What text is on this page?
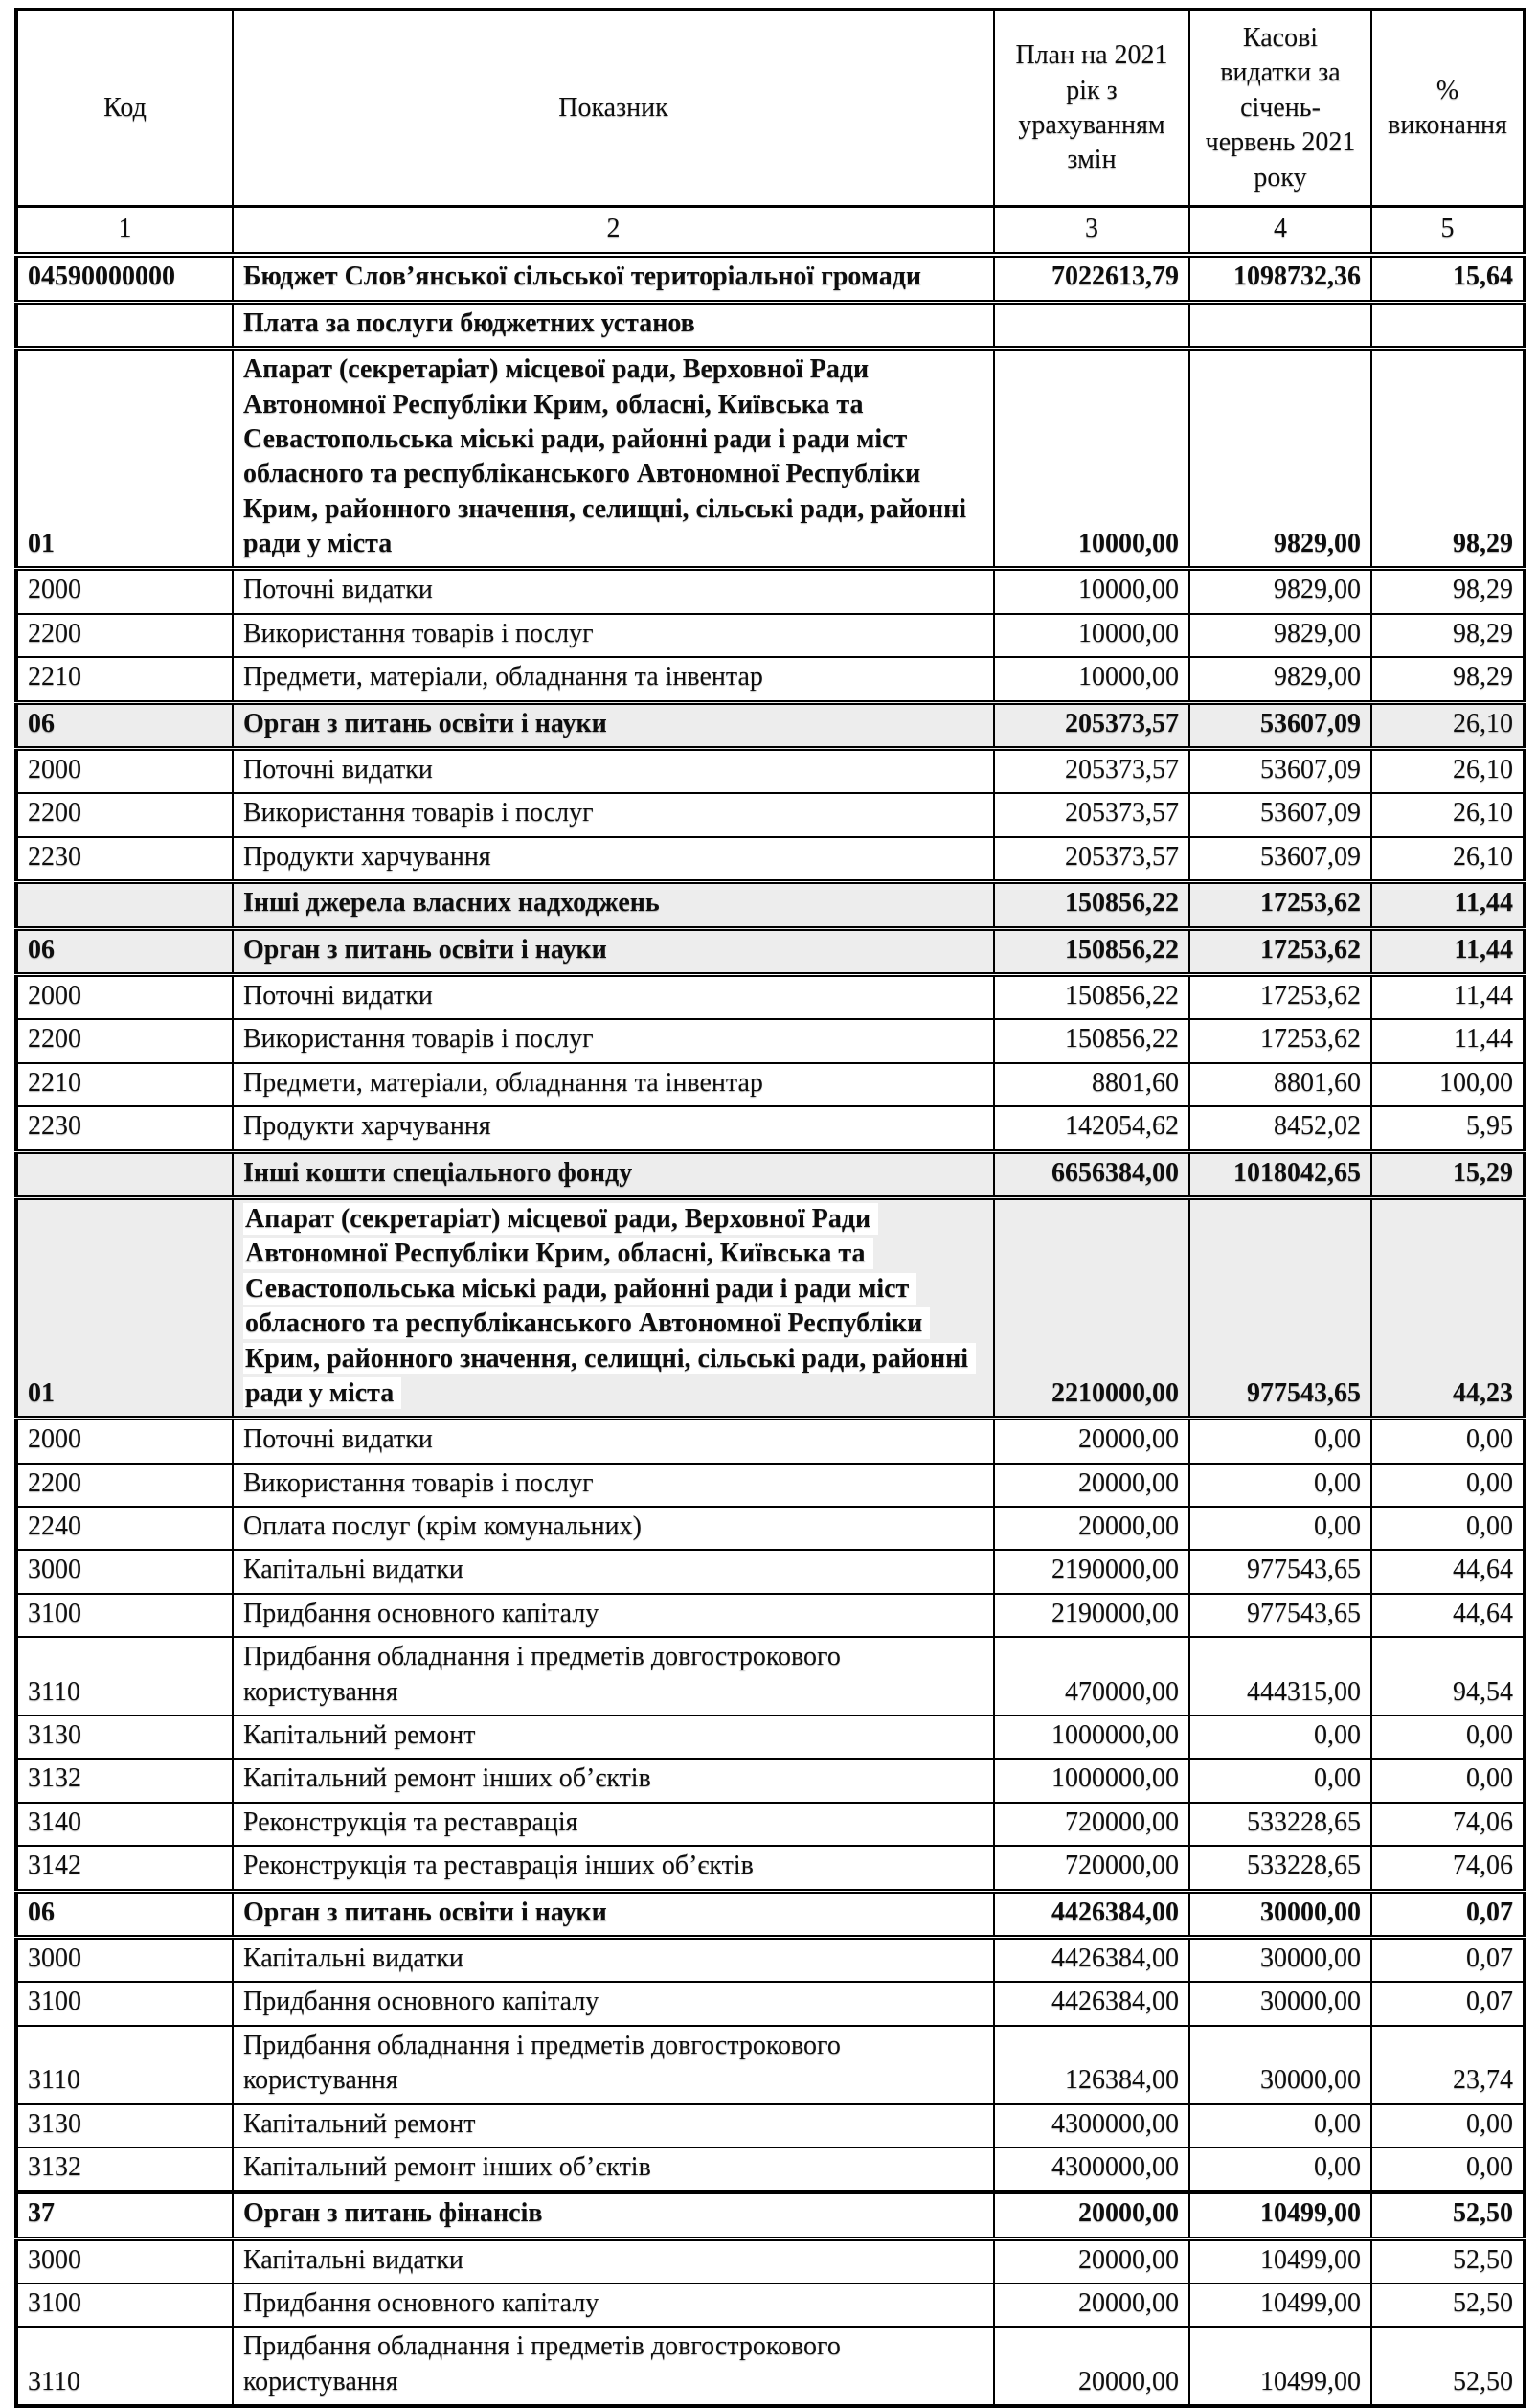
Код	Показник	План на 2021 рік з урахуванням змін	Касові видатки за січень-червень 2021 року	% виконання
1	2	3	4	5
04590000000	Бюджет Слов’янської сільської територіальної громади	7022613,79	1098732,36	15,64
	Плата за послуги бюджетних установ			
01	Апарат (секретаріат) місцевої ради, Верховної Ради Автономної Республіки Крим, обласні, Київська та Севастопольська міські ради, районні ради і ради міст обласного та республіканського Автономної Республіки Крим, районного значення, селищні, сільські ради, районні ради у міста	10000,00	9829,00	98,29
2000	Поточні видатки	10000,00	9829,00	98,29
2200	Використання товарів і послуг	10000,00	9829,00	98,29
2210	Предмети, матеріали, обладнання та інвентар	10000,00	9829,00	98,29
06	Орган з питань освіти і науки	205373,57	53607,09	26,10
2000	Поточні видатки	205373,57	53607,09	26,10
2200	Використання товарів і послуг	205373,57	53607,09	26,10
2230	Продукти харчування	205373,57	53607,09	26,10
	Інші джерела власних надходжень	150856,22	17253,62	11,44
06	Орган з питань освіти і науки	150856,22	17253,62	11,44
2000	Поточні видатки	150856,22	17253,62	11,44
2200	Використання товарів і послуг	150856,22	17253,62	11,44
2210	Предмети, матеріали, обладнання та інвентар	8801,60	8801,60	100,00
2230	Продукти харчування	142054,62	8452,02	5,95
	Інші кошти спеціального фонду	6656384,00	1018042,65	15,29
01	Апарат (секретаріат) місцевої ради, Верховної Ради Автономної Республіки Крим, обласні, Київська та Севастопольська міські ради, районні ради і ради міст обласного та республіканського Автономної Республіки Крим, районного значення, селищні, сільські ради, районні ради у міста	2210000,00	977543,65	44,23
2000	Поточні видатки	20000,00	0,00	0,00
2200	Використання товарів і послуг	20000,00	0,00	0,00
2240	Оплата послуг (крім комунальних)	20000,00	0,00	0,00
3000	Капітальні видатки	2190000,00	977543,65	44,64
3100	Придбання основного капіталу	2190000,00	977543,65	44,64
3110	Придбання обладнання і предметів довгострокового користування	470000,00	444315,00	94,54
3130	Капітальний ремонт	1000000,00	0,00	0,00
3132	Капітальний ремонт інших об’єктів	1000000,00	0,00	0,00
3140	Реконструкція та реставрація	720000,00	533228,65	74,06
3142	Реконструкція та реставрація інших об’єктів	720000,00	533228,65	74,06
06	Орган з питань освіти і науки	4426384,00	30000,00	0,07
3000	Капітальні видатки	4426384,00	30000,00	0,07
3100	Придбання основного капіталу	4426384,00	30000,00	0,07
3110	Придбання обладнання і предметів довгострокового користування	126384,00	30000,00	23,74
3130	Капітальний ремонт	4300000,00	0,00	0,00
3132	Капітальний ремонт інших об’єктів	4300000,00	0,00	0,00
37	Орган з питань фінансів	20000,00	10499,00	52,50
3000	Капітальні видатки	20000,00	10499,00	52,50
3100	Придбання основного капіталу	20000,00	10499,00	52,50
3110	Придбання обладнання і предметів довгострокового користування	20000,00	10499,00	52,50
